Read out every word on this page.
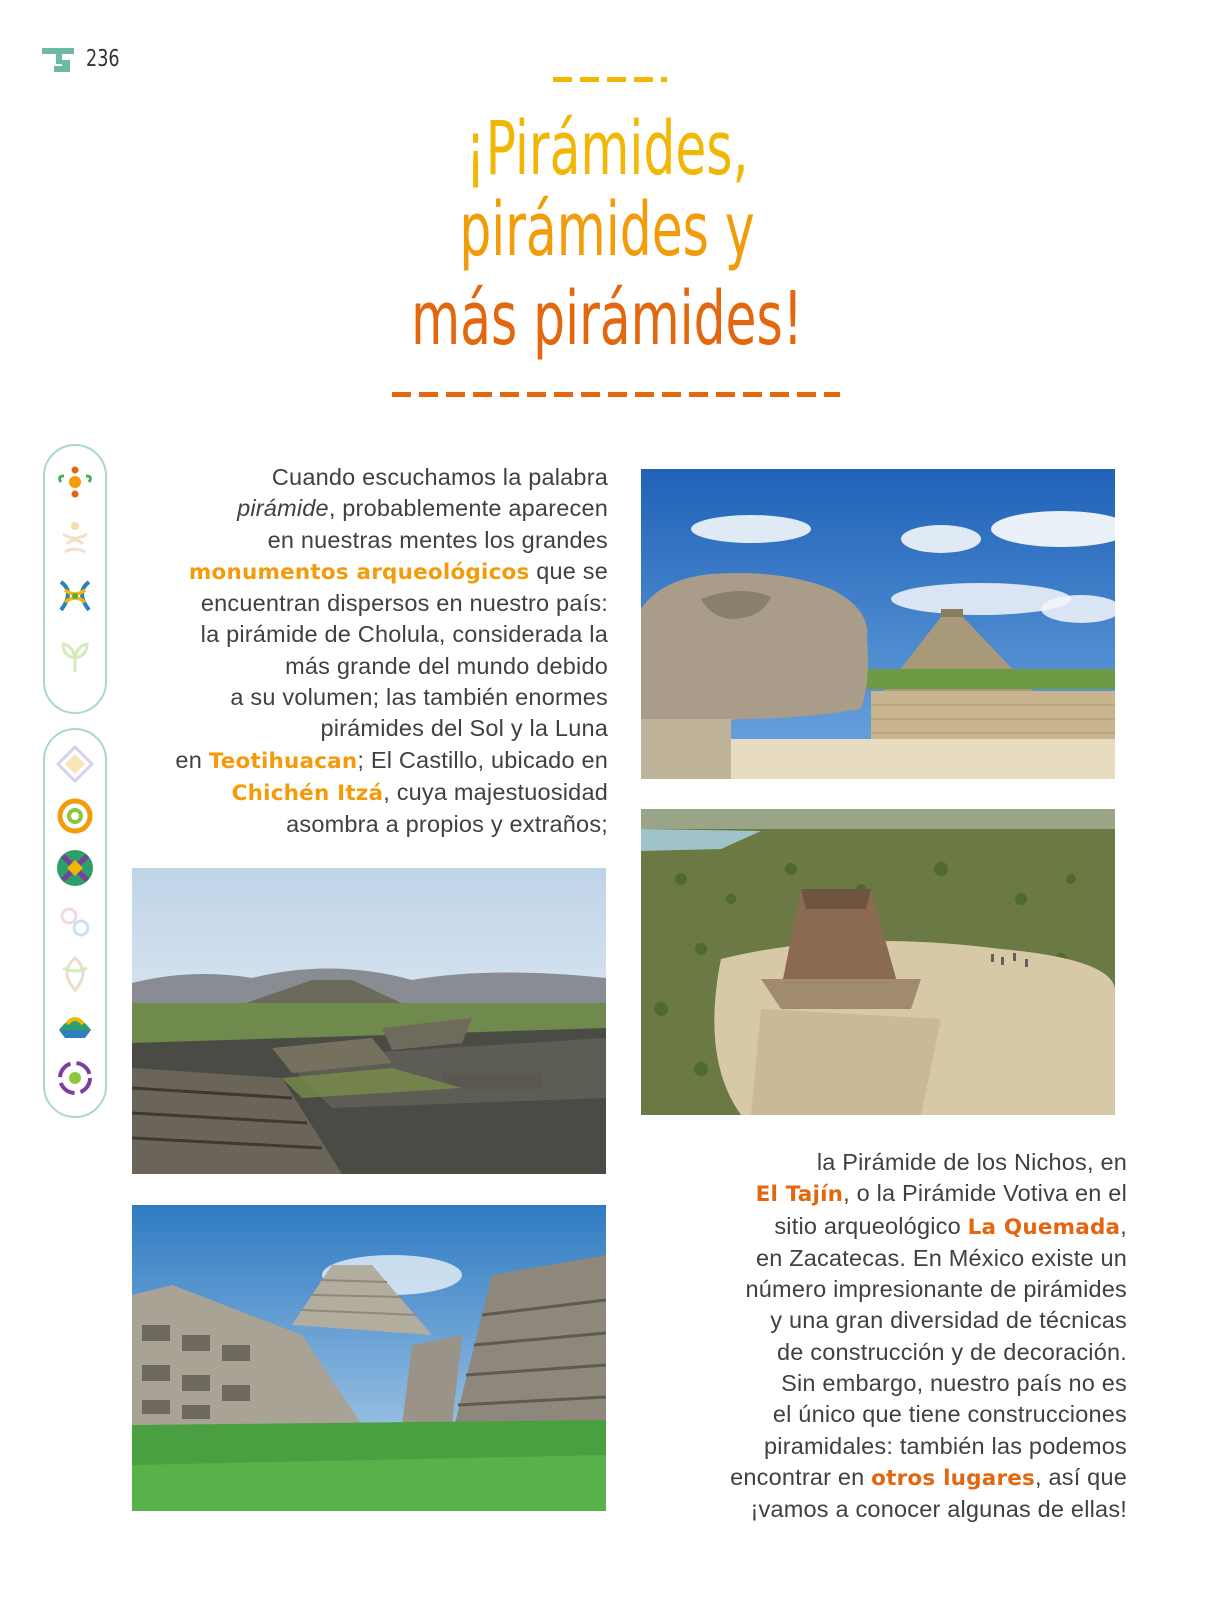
236
¡Pirámides,
pirámides y
más pirámides!
Cuando escuchamos la palabra
pirámide, probablemente aparecen
en nuestras mentes los grandes
monumentos arqueológicos que se
encuentran dispersos en nuestro país:
la pirámide de Cholula, considerada la
más grande del mundo debido
a su volumen; las también enormes
pirámides del Sol y la Luna
en Teotihuacan; El Castillo, ubicado en
Chichén Itzá, cuya majestuosidad
asombra a propios y extraños;
la Pirámide de los Nichos, en
El Tajín, o la Pirámide Votiva en el
sitio arqueológico La Quemada,
en Zacatecas. En México existe un
número impresionante de pirámides
y una gran diversidad de técnicas
de construcción y de decoración.
Sin embargo, nuestro país no es
el único que tiene construcciones
piramidales: también las podemos
encontrar en otros lugares, así que
¡vamos a conocer algunas de ellas!
